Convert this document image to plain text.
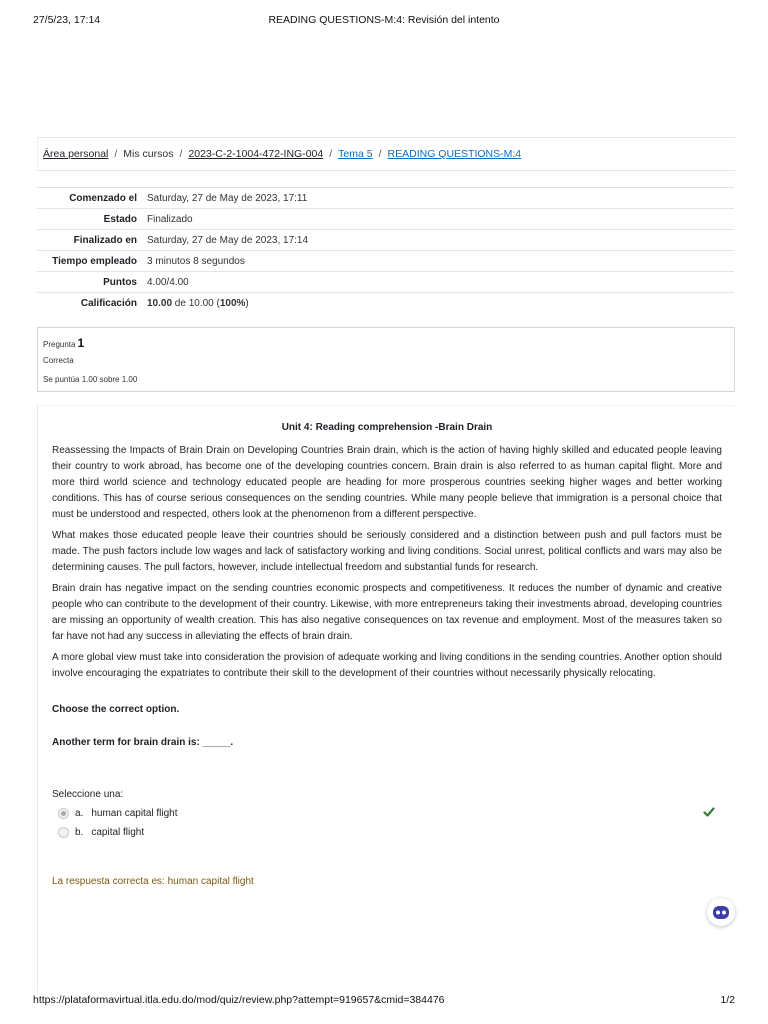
27/5/23, 17:14	READING QUESTIONS-M:4: Revisión del intento
Área personal / Mis cursos / 2023-C-2-1004-472-ING-004 / Tema 5 / READING QUESTIONS-M:4
Comenzado el	Saturday, 27 de May de 2023, 17:11
Estado	Finalizado
Finalizado en	Saturday, 27 de May de 2023, 17:14
Tiempo empleado	3 minutos 8 segundos
Puntos	4.00/4.00
Calificación	10.00 de 10.00 (100%)
Pregunta 1
Correcta
Se puntúa 1.00 sobre 1.00
Unit 4: Reading comprehension -Brain Drain

Reassessing the Impacts of Brain Drain on Developing Countries Brain drain, which is the action of having highly skilled and educated people leaving their country to work abroad, has become one of the developing countries concern. Brain drain is also referred to as human capital flight. More and more third world science and technology educated people are heading for more prosperous countries seeking higher wages and better working conditions. This has of course serious consequences on the sending countries. While many people believe that immigration is a personal choice that must be understood and respected, others look at the phenomenon from a different perspective.

What makes those educated people leave their countries should be seriously considered and a distinction between push and pull factors must be made. The push factors include low wages and lack of satisfactory working and living conditions. Social unrest, political conflicts and wars may also be determining causes. The pull factors, however, include intellectual freedom and substantial funds for research.

Brain drain has negative impact on the sending countries economic prospects and competitiveness. It reduces the number of dynamic and creative people who can contribute to the development of their country. Likewise, with more entrepreneurs taking their investments abroad, developing countries are missing an opportunity of wealth creation. This has also negative consequences on tax revenue and employment. Most of the measures taken so far have not had any success in alleviating the effects of brain drain.

A more global view must take into consideration the provision of adequate working and living conditions in the sending countries. Another option should involve encouraging the expatriates to contribute their skill to the development of their countries without necessarily physically relocating.

Choose the correct option.

Another term for brain drain is: _____.

Seleccione una:
a. human capital flight
b. capital flight
La respuesta correcta es: human capital flight
https://plataformavirtual.itla.edu.do/mod/quiz/review.php?attempt=919657&cmid=384476	1/2
